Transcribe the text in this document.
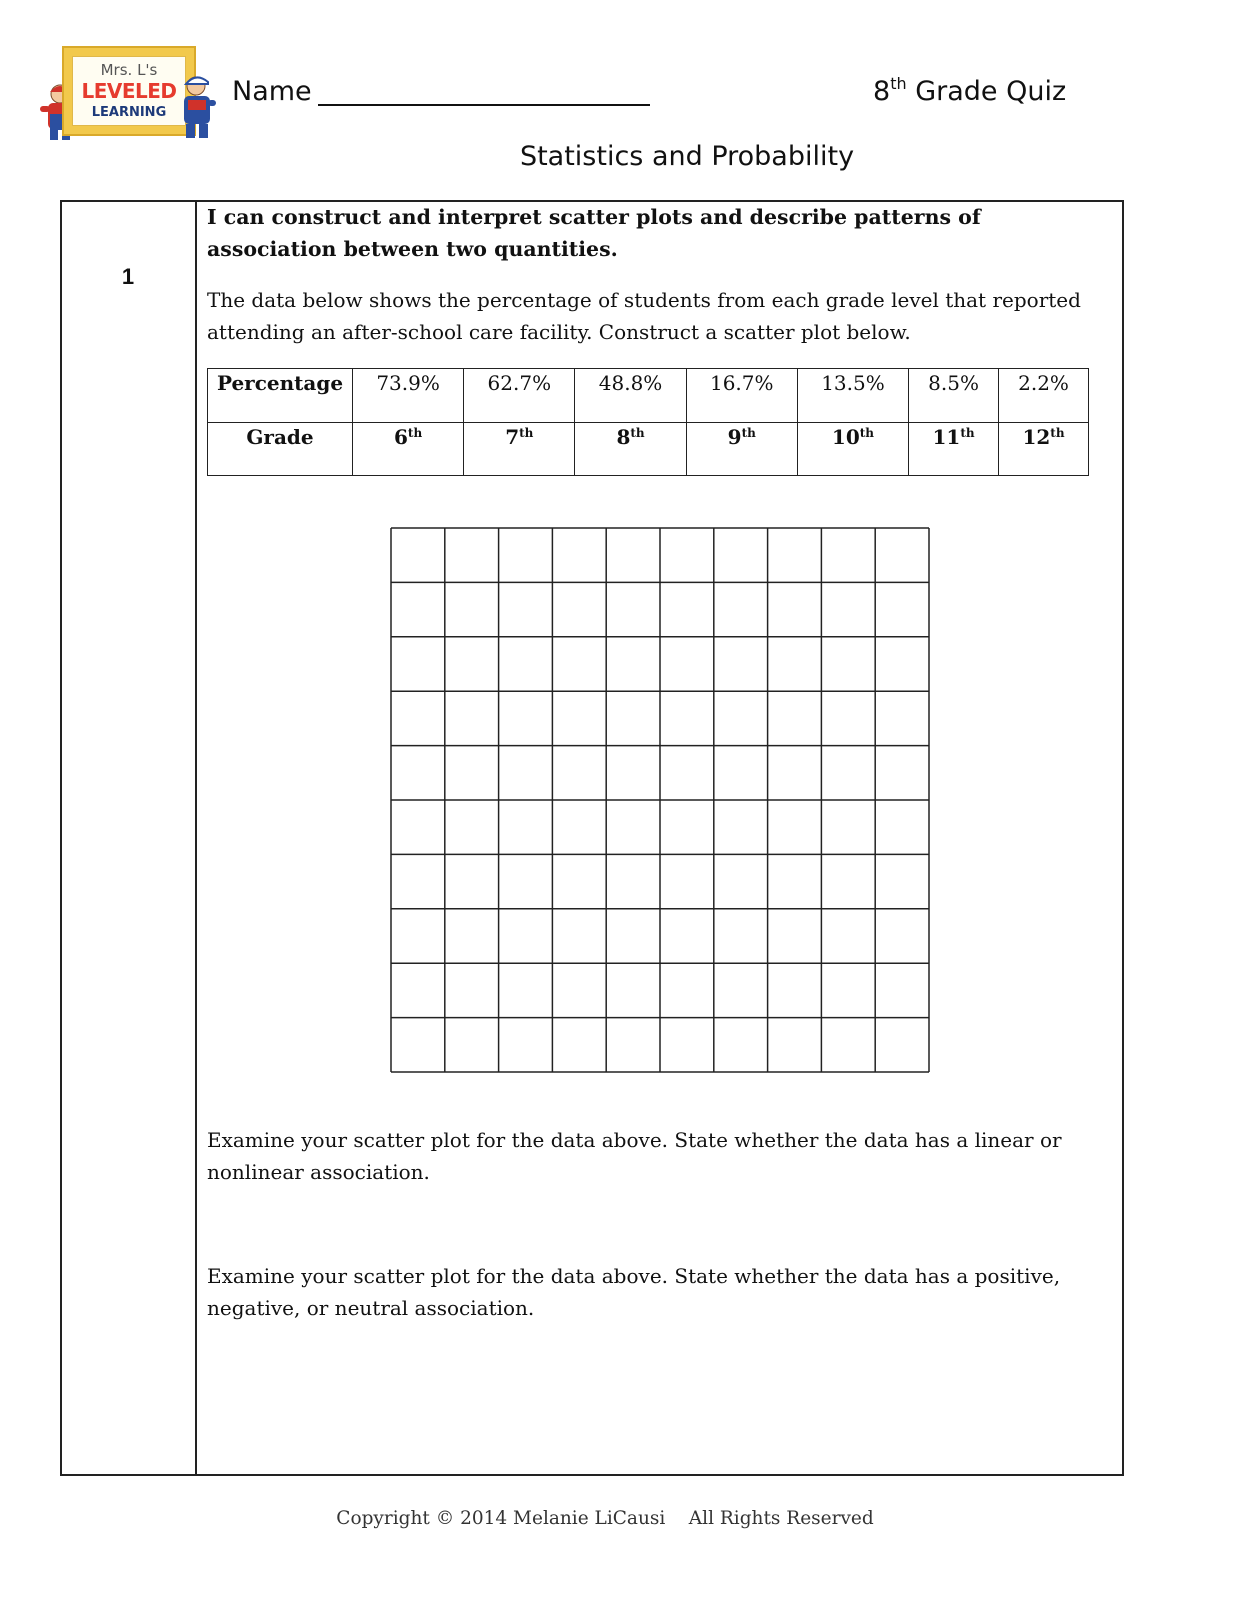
Mrs. L's
LEVELED
LEARNING
Name	8th Grade Quiz
Statistics and Probability
1

I can construct and interpret scatter plots and describe patterns of association between two quantities.

The data below shows the percentage of students from each grade level that reported attending an after-school care facility. Construct a scatter plot below.

Percentage	73.9%	62.7%	48.8%	16.7%	13.5%	8.5%	2.2%
Grade	6th	7th	8th	9th	10th	11th	12th

Examine your scatter plot for the data above. State whether the data has a linear or nonlinear association.

Examine your scatter plot for the data above. State whether the data has a positive, negative, or neutral association.

Copyright © 2014 Melanie LiCausi    All Rights Reserved
